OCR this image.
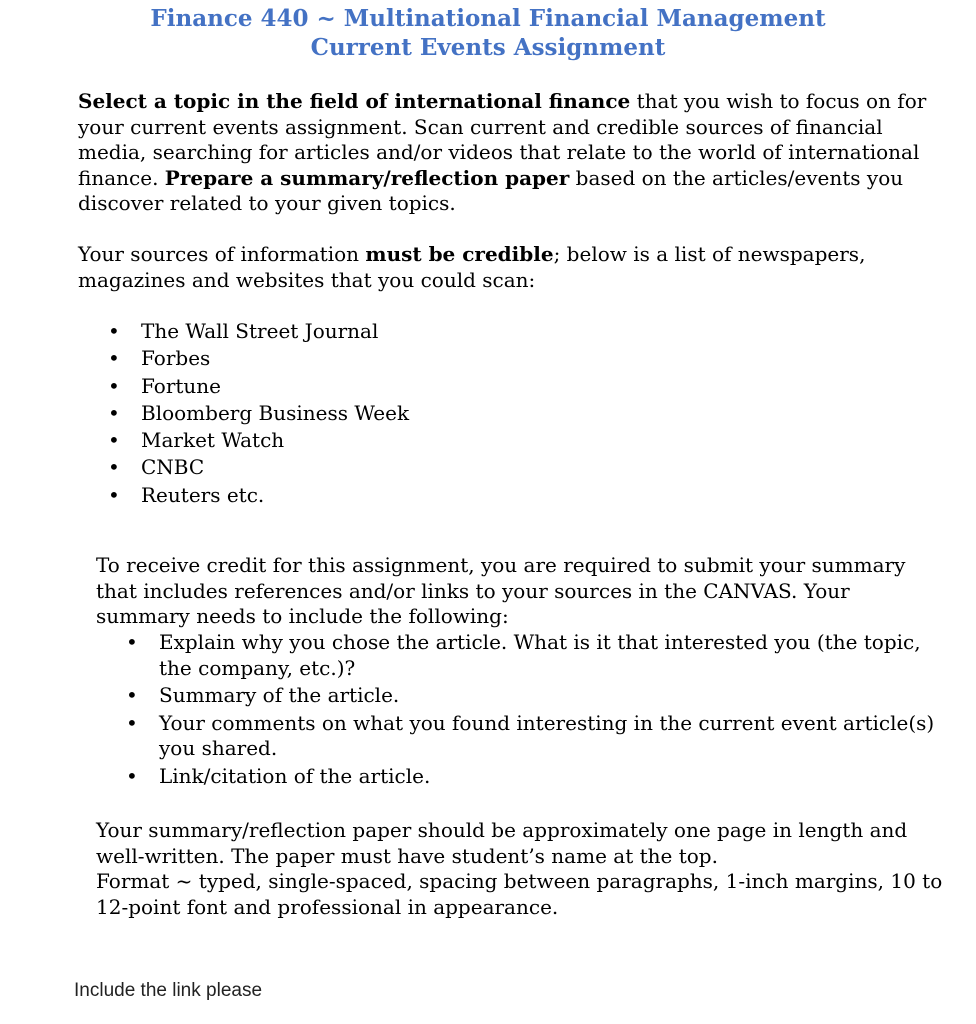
Finance 440 ~ Multinational Financial Management
Current Events Assignment

Select a topic in the field of international finance that you wish to focus on for your current events assignment. Scan current and credible sources of financial media, searching for articles and/or videos that relate to the world of international finance. Prepare a summary/reflection paper based on the articles/events you discover related to your given topics.

Your sources of information must be credible; below is a list of newspapers, magazines and websites that you could scan:

• The Wall Street Journal
• Forbes
• Fortune
• Bloomberg Business Week
• Market Watch
• CNBC
• Reuters etc.

To receive credit for this assignment, you are required to submit your summary that includes references and/or links to your sources in the CANVAS. Your summary needs to include the following:

• Explain why you chose the article. What is it that interested you (the topic, the company, etc.)?
• Summary of the article.
• Your comments on what you found interesting in the current event article(s) you shared.
• Link/citation of the article.

Your summary/reflection paper should be approximately one page in length and well-written. The paper must have student’s name at the top.
Format ~ typed, single-spaced, spacing between paragraphs, 1-inch margins, 10 to 12-point font and professional in appearance.

Include the link please
